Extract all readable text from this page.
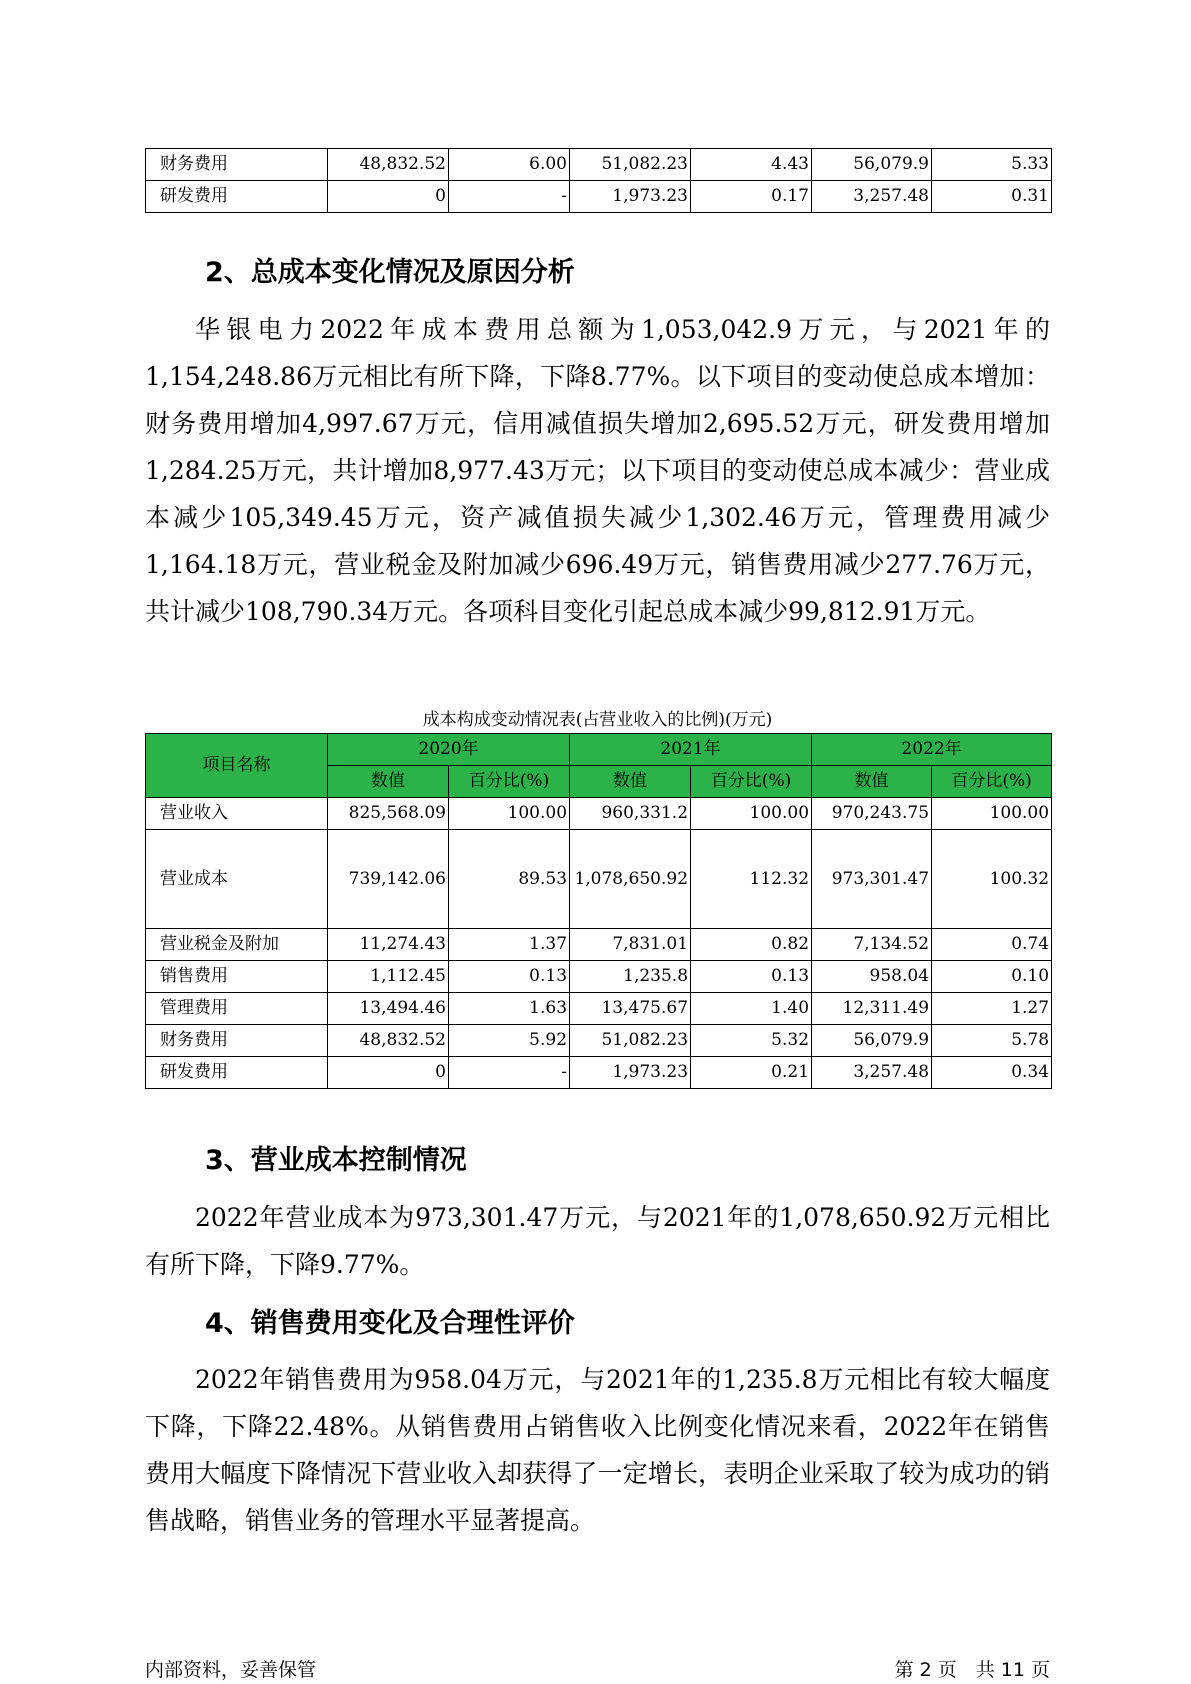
财务费用	48,832.52	6.00	51,082.23	4.43	56,079.9	5.33
研发费用	0	-	1,973.23	0.17	3,257.48	0.31
2、总成本变化情况及原因分析

华银电力2022年成本费用总额为1,053,042.9万元，与2021年的1,154,248.86万元相比有所下降，下降8.77%。以下项目的变动使总成本增加：财务费用增加4,997.67万元，信用减值损失增加2,695.52万元，研发费用增加1,284.25万元，共计增加8,977.43万元；以下项目的变动使总成本减少：营业成本减少105,349.45万元，资产减值损失减少1,302.46万元，管理费用减少1,164.18万元，营业税金及附加减少696.49万元，销售费用减少277.76万元，共计减少108,790.34万元。各项科目变化引起总成本减少99,812.91万元。

成本构成变动情况表(占营业收入的比例)(万元)
项目名称	2020年		2021年		2022年	
	数值	百分比(%)	数值	百分比(%)	数值	百分比(%)
营业收入	825,568.09	100.00	960,331.2	100.00	970,243.75	100.00
营业成本	739,142.06	89.53	1,078,650.92	112.32	973,301.47	100.32
营业税金及附加	11,274.43	1.37	7,831.01	0.82	7,134.52	0.74
销售费用	1,112.45	0.13	1,235.8	0.13	958.04	0.10
管理费用	13,494.46	1.63	13,475.67	1.40	12,311.49	1.27
财务费用	48,832.52	5.92	51,082.23	5.32	56,079.9	5.78
研发费用	0	-	1,973.23	0.21	3,257.48	0.34
3、营业成本控制情况

2022年营业成本为973,301.47万元，与2021年的1,078,650.92万元相比有所下降，下降9.77%。

4、销售费用变化及合理性评价

2022年销售费用为958.04万元，与2021年的1,235.8万元相比有较大幅度下降，下降22.48%。从销售费用占销售收入比例变化情况来看，2022年在销售费用大幅度下降情况下营业收入却获得了一定增长，表明企业采取了较为成功的销售战略，销售业务的管理水平显著提高。

内部资料，妥善保管	第 2 页　共 11 页
